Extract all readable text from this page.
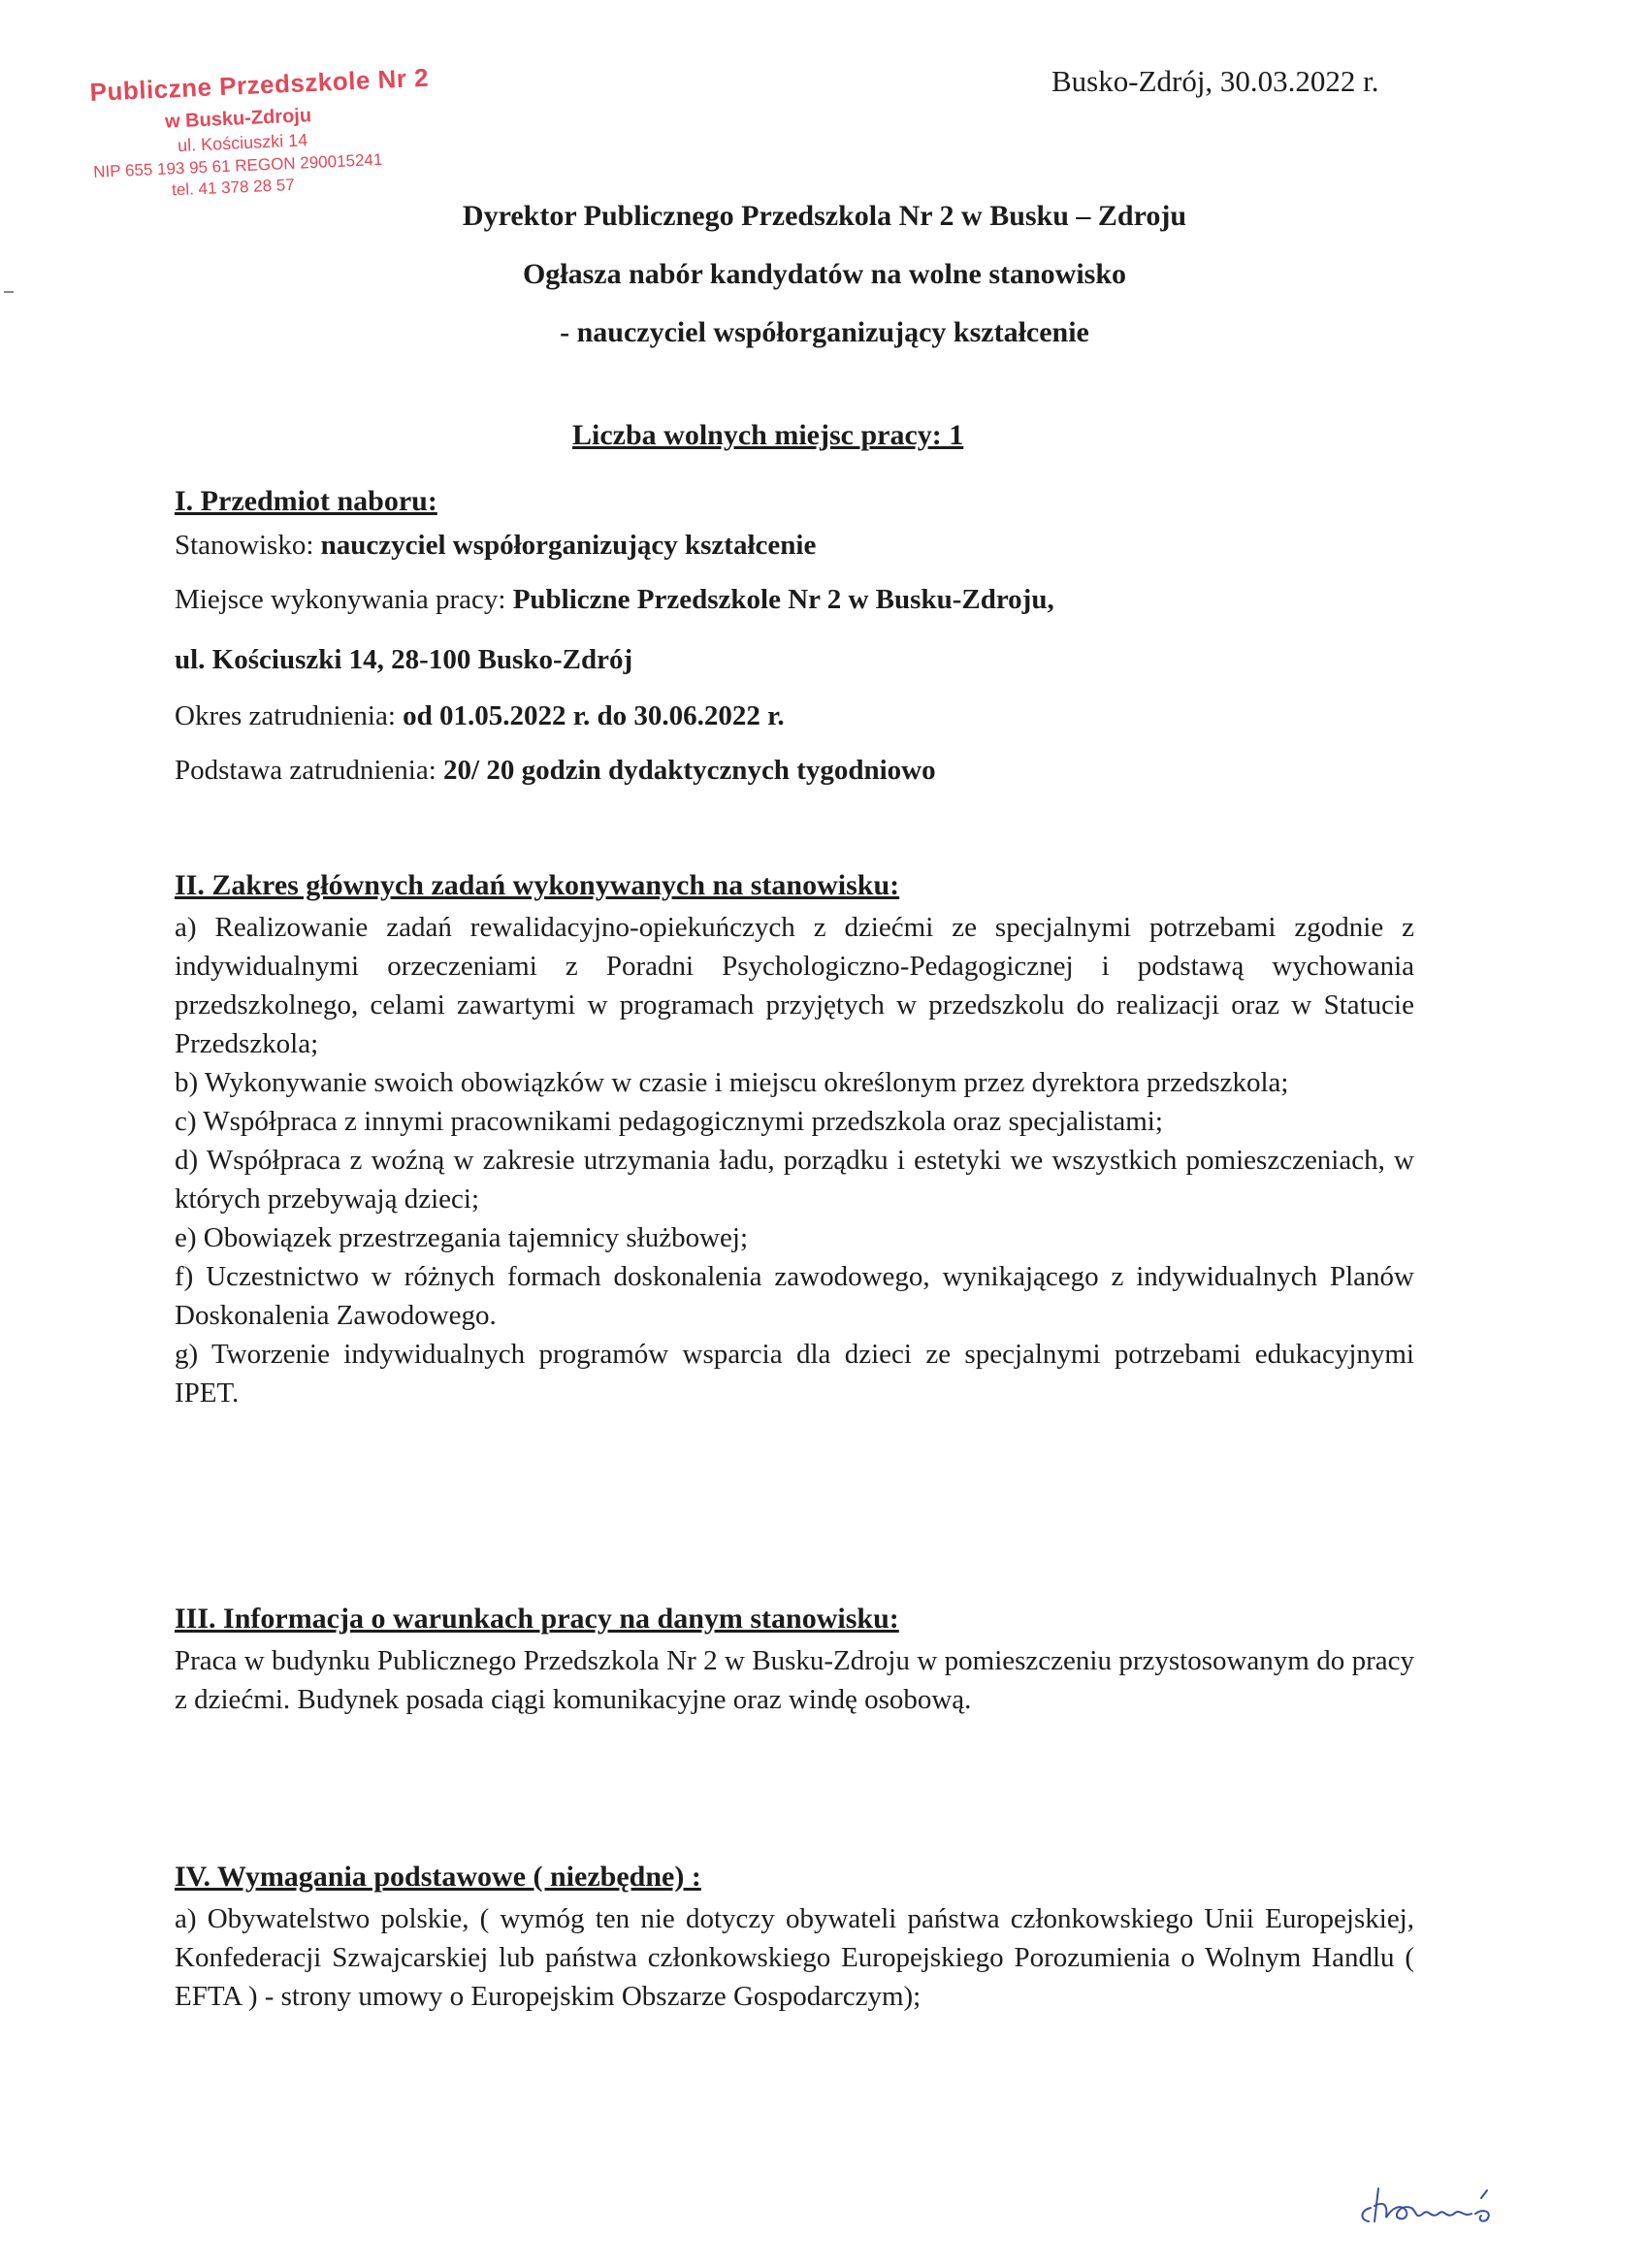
Publiczne Przedszkole Nr 2
w Busku-Zdroju
ul. Kościuszki 14
NIP 655 193 95 61 REGON 290015241
tel. 41 378 28 57
Busko-Zdrój, 30.03.2022 r.
Dyrektor Publicznego Przedszkola Nr 2 w Busku – Zdroju
Ogłasza nabór kandydatów na wolne stanowisko
- nauczyciel współorganizujący kształcenie
Liczba wolnych miejsc pracy: 1
I. Przedmiot naboru:
Stanowisko: nauczyciel współorganizujący kształcenie
Miejsce wykonywania pracy: Publiczne Przedszkole Nr 2 w Busku-Zdroju,
ul. Kościuszki 14, 28-100 Busko-Zdrój
Okres zatrudnienia: od 01.05.2022 r. do 30.06.2022 r.
Podstawa zatrudnienia: 20/ 20 godzin dydaktycznych tygodniowo
II. Zakres głównych zadań wykonywanych na stanowisku:

a) Realizowanie zadań rewalidacyjno-opiekuńczych z dziećmi ze specjalnymi potrzebami zgodnie z indywidualnymi orzeczeniami z Poradni Psychologiczno-Pedagogicznej i podstawą wychowania przedszkolnego, celami zawartymi w programach przyjętych w przedszkolu do realizacji oraz w Statucie Przedszkola;

b) Wykonywanie swoich obowiązków w czasie i miejscu określonym przez dyrektora przedszkola;

c) Współpraca z innymi pracownikami pedagogicznymi przedszkola oraz specjalistami;

d) Współpraca z woźną w zakresie utrzymania ładu, porządku i estetyki we wszystkich pomieszczeniach, w których przebywają dzieci;

e) Obowiązek przestrzegania tajemnicy służbowej;

f) Uczestnictwo w różnych formach doskonalenia zawodowego, wynikającego z indywidualnych Planów Doskonalenia Zawodowego.

g) Tworzenie indywidualnych programów wsparcia dla dzieci ze specjalnymi potrzebami edukacyjnymi IPET.

III. Informacja o warunkach pracy na danym stanowisku:

Praca w budynku Publicznego Przedszkola Nr 2 w Busku-Zdroju w pomieszczeniu przystosowanym do pracy z dziećmi. Budynek posada ciągi komunikacyjne oraz windę osobową.

IV. Wymagania podstawowe ( niezbędne) :

a) Obywatelstwo polskie, ( wymóg ten nie dotyczy obywateli państwa członkowskiego Unii Europejskiej, Konfederacji Szwajcarskiej lub państwa członkowskiego Europejskiego Porozumienia o Wolnym Handlu ( EFTA ) - strony umowy o Europejskim Obszarze Gospodarczym);
